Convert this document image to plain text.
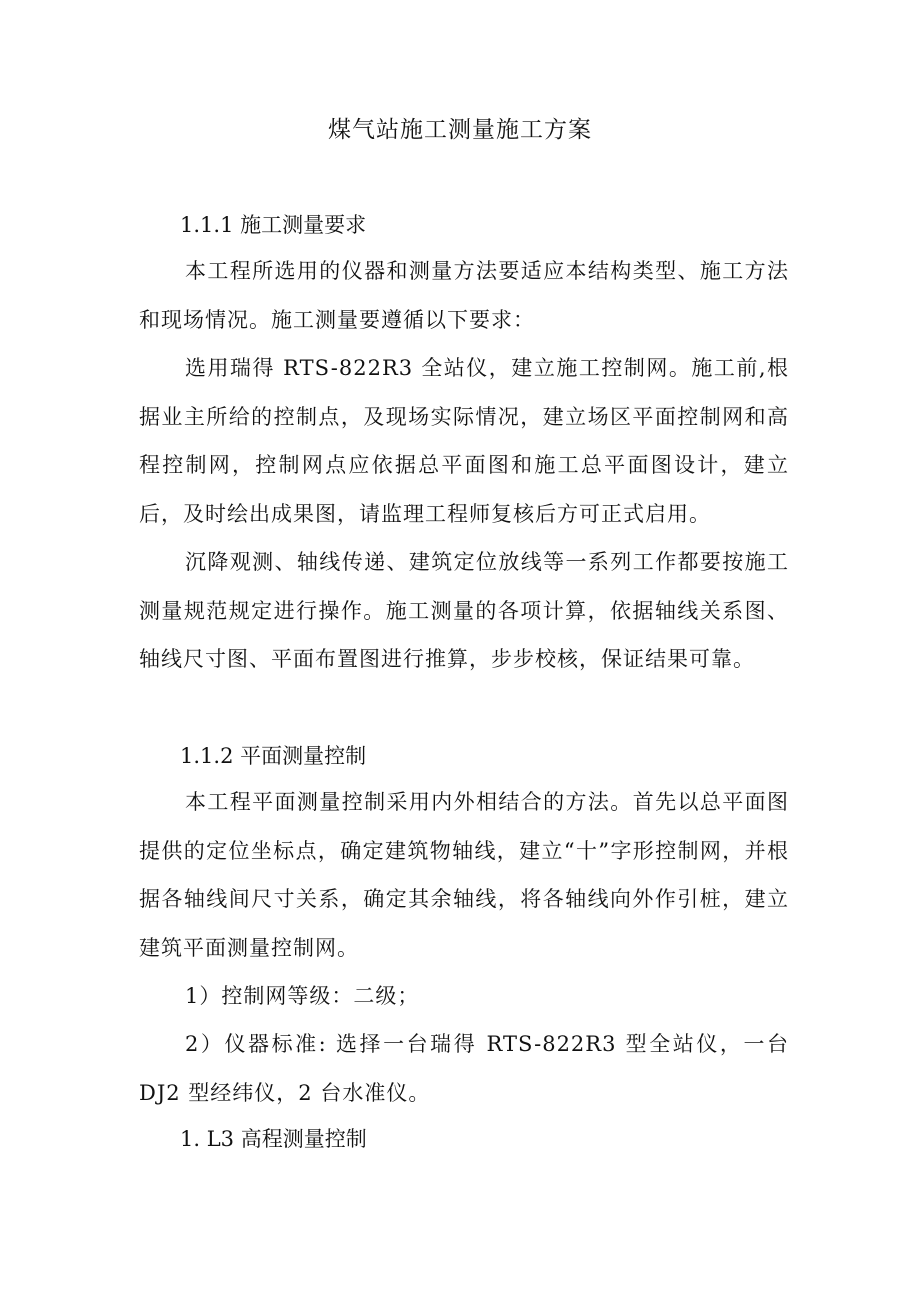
煤气站施工测量施工方案
1.1.1 施工测量要求

本工程所选用的仪器和测量方法要适应本结构类型、施工方法和现场情况。施工测量要遵循以下要求：

选用瑞得 RTS-822R3 全站仪，建立施工控制网。施工前,根据业主所给的控制点，及现场实际情况，建立场区平面控制网和高程控制网，控制网点应依据总平面图和施工总平面图设计，建立后，及时绘出成果图，请监理工程师复核后方可正式启用。

沉降观测、轴线传递、建筑定位放线等一系列工作都要按施工测量规范规定进行操作。施工测量的各项计算，依据轴线关系图、轴线尺寸图、平面布置图进行推算，步步校核，保证结果可靠。

1.1.2 平面测量控制

本工程平面测量控制采用内外相结合的方法。首先以总平面图提供的定位坐标点，确定建筑物轴线，建立“十”字形控制网，并根据各轴线间尺寸关系，确定其余轴线，将各轴线向外作引桩，建立建筑平面测量控制网。

1）控制网等级：二级；

2）仪器标准: 选择一台瑞得 RTS-822R3 型全站仪，一台 DJ2 型经纬仪，2 台水准仪。

1. L3 高程测量控制
